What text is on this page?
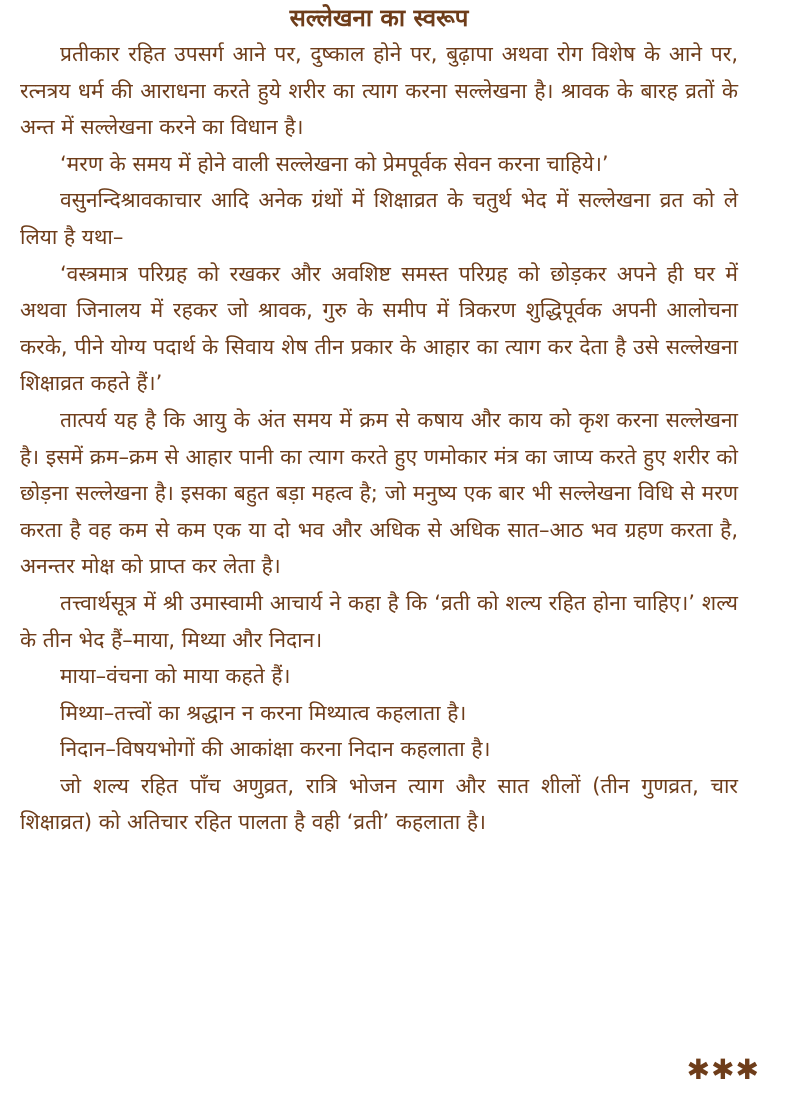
सल्लेखना का स्वरूप

प्रतीकार रहित उपसर्ग आने पर, दुष्काल होने पर, बुढ़ापा अथवा रोग विशेष के आने पर, रत्नत्रय धर्म की आराधना करते हुये शरीर का त्याग करना सल्लेखना है। श्रावक के बारह व्रतों के अन्त में सल्लेखना करने का विधान है।

‘मरण के समय में होने वाली सल्लेखना को प्रेमपूर्वक सेवन करना चाहिये।’

वसुनन्दिश्रावकाचार आदि अनेक ग्रंथों में शिक्षाव्रत के चतुर्थ भेद में सल्लेखना व्रत को ले लिया है यथा–

‘वस्त्रमात्र परिग्रह को रखकर और अवशिष्ट समस्त परिग्रह को छोड़कर अपने ही घर में अथवा जिनालय में रहकर जो श्रावक, गुरु के समीप में त्रिकरण शुद्धिपूर्वक अपनी आलोचना करके, पीने योग्य पदार्थ के सिवाय शेष तीन प्रकार के आहार का त्याग कर देता है उसे सल्लेखना शिक्षाव्रत कहते हैं।’

तात्पर्य यह है कि आयु के अंत समय में क्रम से कषाय और काय को कृश करना सल्लेखना है। इसमें क्रम–क्रम से आहार पानी का त्याग करते हुए णमोकार मंत्र का जाप्य करते हुए शरीर को छोड़ना सल्लेखना है। इसका बहुत बड़ा महत्व है; जो मनुष्य एक बार भी सल्लेखना विधि से मरण करता है वह कम से कम एक या दो भव और अधिक से अधिक सात–आठ भव ग्रहण करता है, अनन्तर मोक्ष को प्राप्त कर लेता है।

तत्त्वार्थसूत्र में श्री उमास्वामी आचार्य ने कहा है कि ‘व्रती को शल्य रहित होना चाहिए।’ शल्य के तीन भेद हैं–माया, मिथ्या और निदान।

माया–वंचना को माया कहते हैं।

मिथ्या–तत्त्वों का श्रद्धान न करना मिथ्यात्व कहलाता है।

निदान–विषयभोगों की आकांक्षा करना निदान कहलाता है।

जो शल्य रहित पाँच अणुव्रत, रात्रि भोजन त्याग और सात शीलों (तीन गुणव्रत, चार शिक्षाव्रत) को अतिचार रहित पालता है वही ‘व्रती’ कहलाता है।

✱✱✱
